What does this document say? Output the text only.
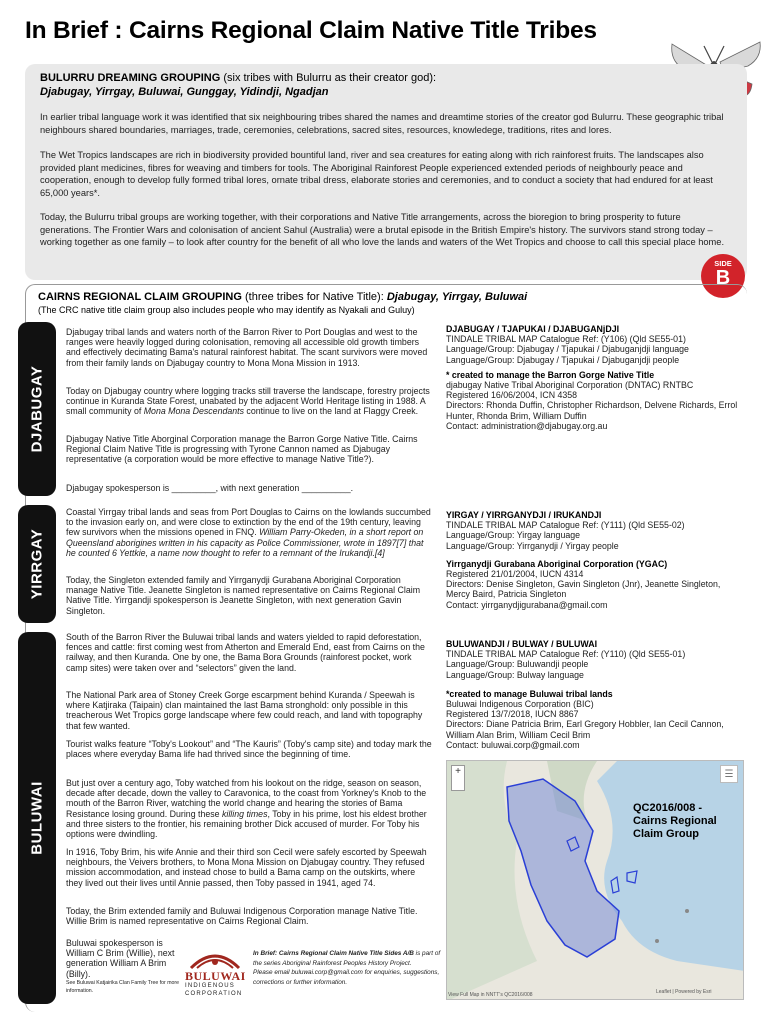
In Brief : Cairns Regional Claim Native Title Tribes
BULURRU DREAMING GROUPING (six tribes with Bulurru as their creator god):
Djabugay, Yirrgay, Buluwai, Gunggay, Yidindji, Ngadjan
In earlier tribal language work it was identified that six neighbouring tribes shared the names and dreamtime stories of the creator god Bulurru. These geographic tribal neighbours shared boundaries, marriages, trade, ceremonies, celebrations, sacred sites, resources, knowledege, traditions, rites and lores.
The Wet Tropics landscapes are rich in biodiversity provided bountiful land, river and sea creatures for eating along with rich rainforest fruits. The landscapes also provided plant medicines, fibres for weaving and timbers for tools. The Aboriginal Rainforest People experienced extended periods of neighbourly peace and cooperation, enough to develop fully formed tribal lores, ornate tribal dress, elaborate stories and ceremonies, and to conduct a society that had endured for at least 65,000 years*.
Today, the Bulurru tribal groups are working together, with their corporations and Native Title arrangements, across the bioregion to bring prosperity to future generations. The Frontier Wars and colonisation of ancient Sahul (Australia) were a brutal episode in the British Empire's history. The survivors stand strong today – working together as one family – to look after country for the benefit of all who love the lands and waters of the Wet Tropics and choose to call this special place home.
SIDE
B
CAIRNS REGIONAL CLAIM GROUPING (three tribes for Native Title): Djabugay, Yirrgay, Buluwai
(The CRC native title claim group also includes people who may identify as Nyakali and Guluy)
DJABUGAY
YIRRGAY
BULUWAI
Djabugay tribal lands and waters north of the Barron River to Port Douglas and west to the ranges were heavily logged during colonisation, removing all accessible old growth timbers and effectively decimating Bama's natural rainforest habitat. The scant survivors were moved from their family lands on Djabugay country to Mona Mona Mission in 1913.
Today on Djabugay country where logging tracks still traverse the landscape, forestry projects continue in Kuranda State Forest, unabated by the adjacent World Heritage listing in 1988. A small community of Mona Mona Descendants continue to live on the land at Flaggy Creek.
Djabugay Native Title Aborginal Corporation manage the Barron Gorge Native Title. Cairns Regional Claim Native Title is progressing with Tyrone Cannon named as Djabugay representative (a corporation would be more effective to manage Native Title?).
Djabugay spokesperson is _________, with next generation __________.
DJABUGAY / TJAPUKAI / DJABUGANjDJI
TINDALE TRIBAL MAP Catalogue Ref: (Y106) (Qld SE55-01)
Language/Group: Djabugay / Tjapukai / Djabuganjdji language
Language/Group: Djabugay / Tjapukai / Djabuganjdji people
* created to manage the Barron Gorge Native Title
djabugay Native Tribal Aboriginal Corporation (DNTAC) RNTBC
Registered 16/06/2004, ICN 4358
Directors: Rhonda Duffin, Christopher Richardson, Delvene Richards, Errol Hunter, Rhonda Brim, William Duffin
Contact: administration@djabugay.org.au
Coastal Yirrgay tribal lands and seas from Port Douglas to Cairns on the lowlands succumbed to the invasion early on, and were close to extinction by the end of the 19th century, leaving few survivors when the missions opened in FNQ. William Parry-Okeden, in a short report on Queensland aborigines written in his capacity as Police Commissioner, wrote in 1897[7] that he counted 6 Yettkie, a name now thought to refer to a remnant of the Irukandji.[4]
Today, the Singleton extended family and Yirrganydji Gurabana Aboriginal Corporation manage Native Title. Jeanette Singleton is named representative on Cairns Regional Claim Native Title. Yirrgandji spokesperson is Jeanette Singleton, with next generation Gavin Singleton.
YIRGAY / YIRRGANYDJI / IRUKANDJI
TINDALE TRIBAL MAP Catalogue Ref: (Y111) (Qld SE55-02)
Language/Group: Yirgay language
Language/Group: Yirrganydji / Yirgay people
Yirrganydji Gurabana Aboriginal Corporation (YGAC)
Registered 21/01/2004, IUCN 4314
Directors: Denise Singleton, Gavin Singleton (Jnr), Jeanette Singleton, Mercy Baird, Patricia Singleton
Contact: yirrganydjigurabana@gmail.com
South of the Barron River the Buluwai tribal lands and waters yielded to rapid deforestation, fences and cattle: first coming west from Atherton and Emerald End, east from Cairns on the railway, and then Kuranda. One by one, the Bama Bora Grounds (rainforest pocket, work camp sites) were taken over and “selectors” given the land.
The National Park area of Stoney Creek Gorge escarpment behind Kuranda / Speewah is where Katjiraka (Taipain) clan maintained the last Bama stronghold: only possible in this treacherous Wet Tropics gorge landscape where few could reach, and land with topography that few wanted.
Tourist walks feature “Toby's Lookout” and “The Kauris” (Toby's camp site) and today mark the places where everyday Bama life had thrived since the beginning of time.
But just over a century ago, Toby watched from his lookout on the ridge, season on season, decade after decade, down the valley to Caravonica, to the coast from Yorkney's Knob to the mouth of the Barron River, watching the world change and hearing the stories of Bama Resistance losing ground. During these killing times, Toby in his prime, lost his eldest brother and three sisters to the frontier, his remaining brother Dick accused of murder. For Toby his options were dwindling.
In 1916, Toby Brim, his wife Annie and their third son Cecil were safely escorted by Speewah neighbours, the Veivers brothers, to Mona Mona Mission on Djabugay country. They refused mission accommodation, and instead chose to build a Bama camp on the outskirts, where they lived out their lives until Annie passed, then Toby passed in 1941, aged 74.
Today, the Brim extended family and Buluwai Indigenous Corporation manage Native Title. Willie Brim is named representative on Cairns Regional Claim.
Buluwai spokesperson is William C Brim (Willie), next generation William A Brim (Billy).
See Buluwai Katjairika Clan Family Tree for more information.
BULUWAI
INDIGENOUS
CORPORATION
In Brief: Cairns Regional Claim Native Title Sides A/B is part of the series Aboriginal Rainforest Peoples History Project.
Please email buluwai.corp@gmail.com for enquiries, suggestions, corrections or further information.
BULUWANDJI / BULWAY / BULUWAI
TINDALE TRIBAL MAP Catalogue Ref: (Y110) (Qld SE55-01)
Language/Group: Buluwandji people
Language/Group: Bulway language
*created to manage Buluwai tribal lands
Buluwai Indigenous Corporation (BIC)
Registered 13/7/2018, IUCN 8867
Directors: Diane Patricia Brim, Earl Gregory Hobbler, Ian Cecil Cannon, William Alan Brim, William Cecil Brim
Contact: buluwai.corp@gmail.com
+	☰
QC2016/008 - Cairns Regional Claim Group
View Full Map in NNTT’s QC2016/008	Leaflet | Powered by Esri
